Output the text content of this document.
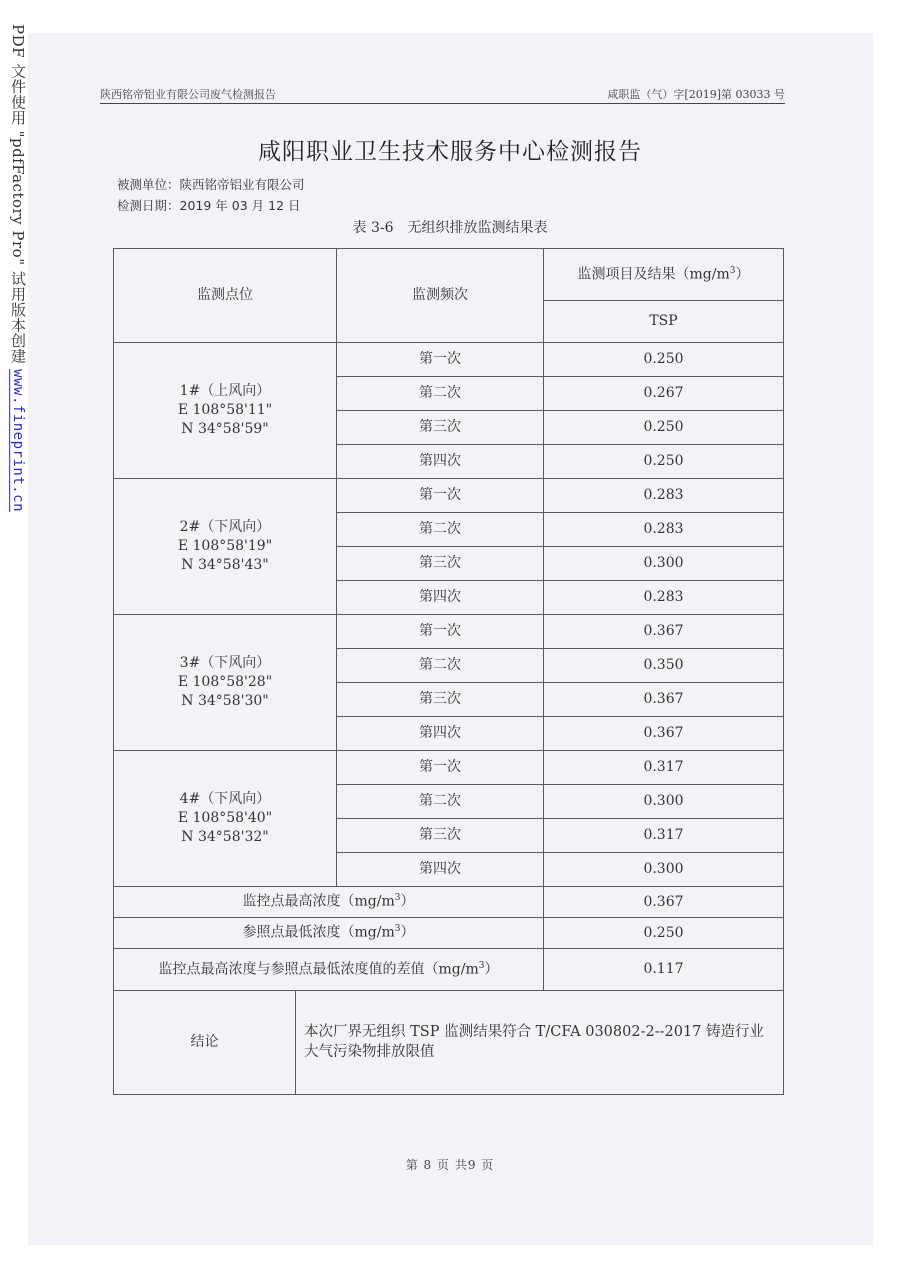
PDF 文件使用 "pdfFactory Pro" 试用版本创建 www.fineprint.cn
陕西铭帝铝业有限公司废气检测报告	咸职监（气）字[2019]第 03033 号
咸阳职业卫生技术服务中心检测报告
被测单位：陕西铭帝铝业有限公司
检测日期：2019 年 03 月 12 日
表 3-6　无组织排放监测结果表
监测点位		监测频次	监测项目及结果$(mg/m^3)$
			TSP

1#（上风向）
E 108°58'11"
N 34°58'59"		第一次	0.250
		第二次	0.267
		第三次	0.250
		第四次	0.250

2#（下风向）
E 108°58'19"
N 34°58'43"		第一次	0.283
		第二次	0.283
		第三次	0.300
		第四次	0.283

3#（下风向）
E 108°58'28"
N 34°58'30"		第一次	0.367
		第二次	0.350
		第三次	0.367
		第四次	0.367

4#（下风向）
E 108°58'40"
N 34°58'32"		第一次	0.317
		第二次	0.300
		第三次	0.317
		第四次	0.300
监控点最高浓度$(mg/m^3)$			0.367
参照点最低浓度$(mg/m^3)$			0.250
监控点最高浓度与参照点最低浓度值的差值$(mg/m^3)$			0.117
结论	本次厂界无组织 TSP 监测结果符合 T/CFA 030802-2--2017 铸造行业大气污染物排放限值		
第 8 页 共9 页
